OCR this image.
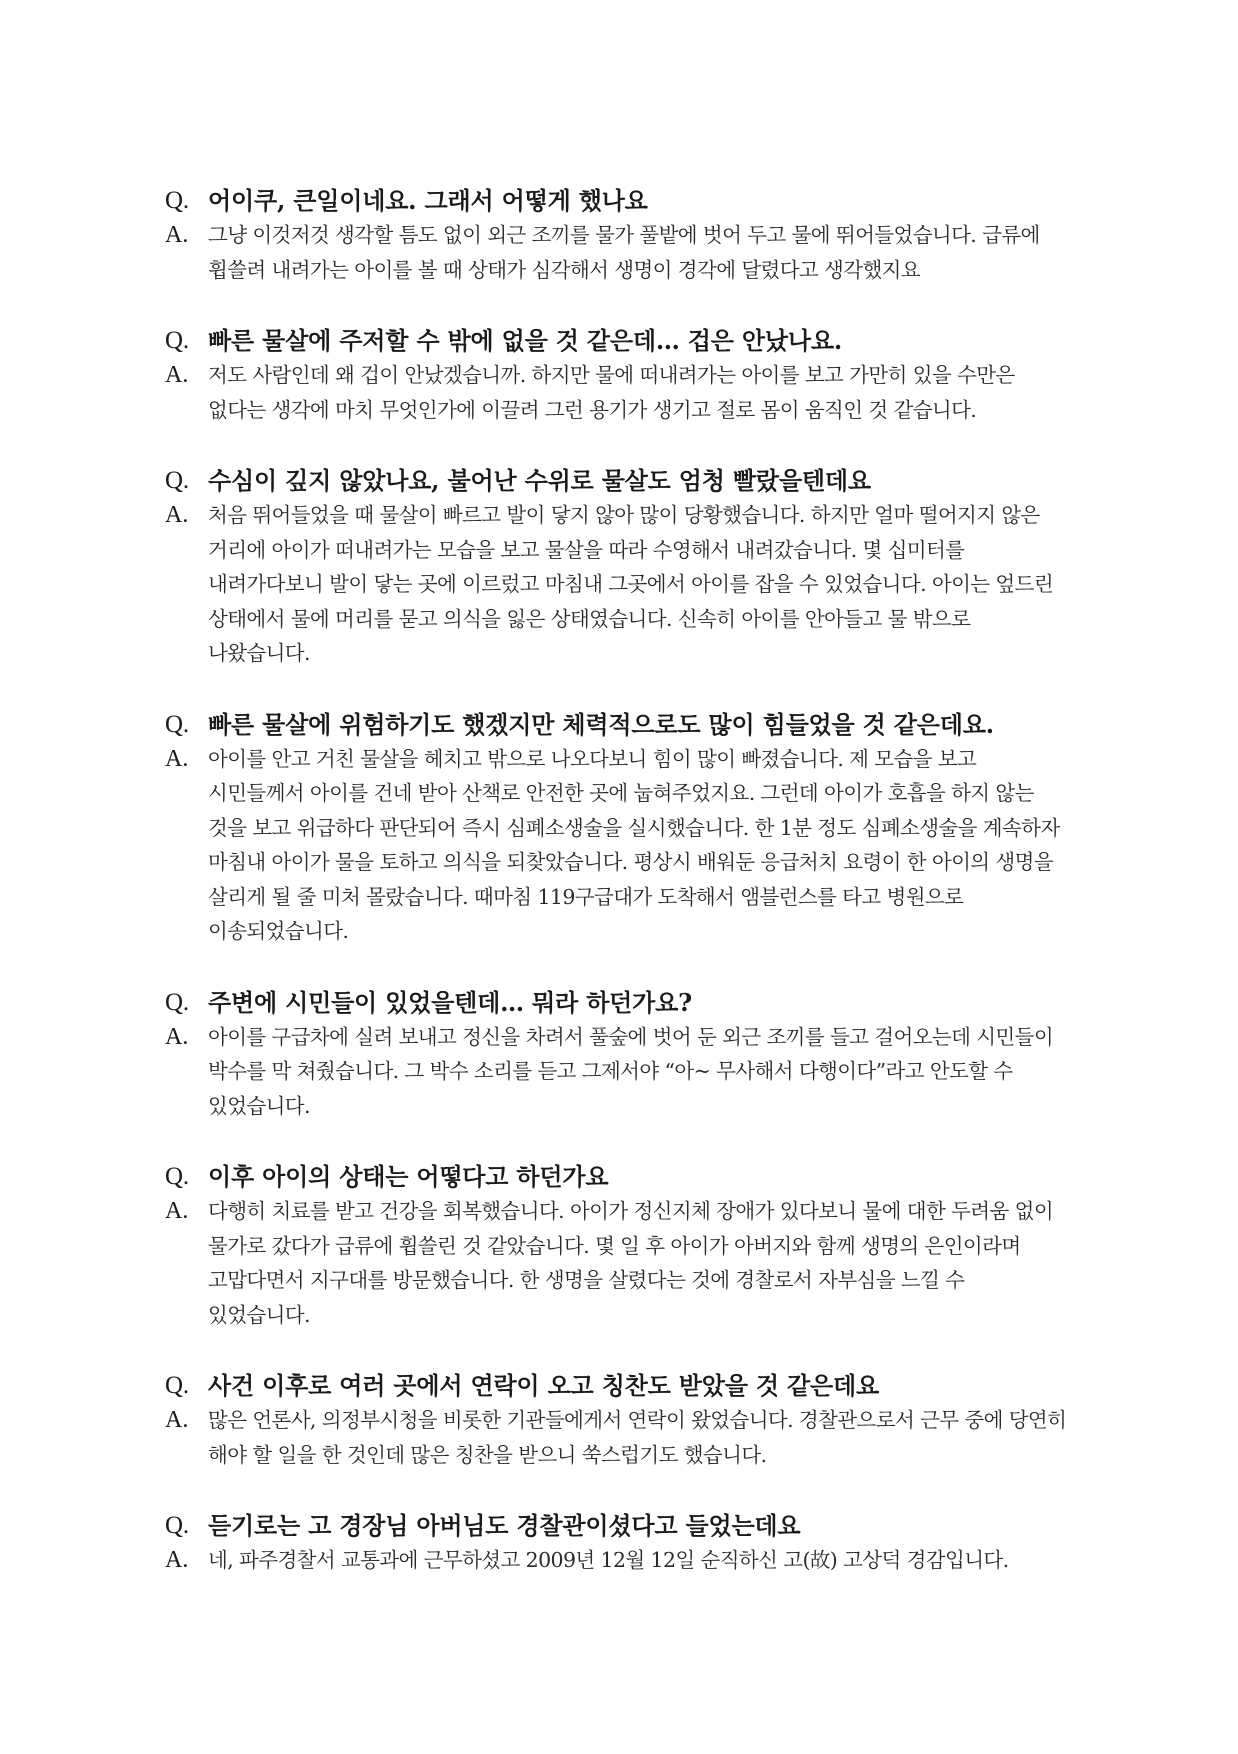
Q. 어이쿠, 큰일이네요. 그래서 어떻게 했나요
A. 그냥 이것저것 생각할 틈도 없이 외근 조끼를 물가 풀밭에 벗어 두고 물에 뛰어들었습니다. 급류에 휩쓸려 내려가는 아이를 볼 때 상태가 심각해서 생명이 경각에 달렸다고 생각했지요
Q. 빠른 물살에 주저할 수 밖에 없을 것 같은데… 겁은 안났나요.
A. 저도 사람인데 왜 겁이 안났겠습니까. 하지만 물에 떠내려가는 아이를 보고 가만히 있을 수만은 없다는 생각에 마치 무엇인가에 이끌려 그런 용기가 생기고 절로 몸이 움직인 것 같습니다.
Q. 수심이 깊지 않았나요, 불어난 수위로 물살도 엄청 빨랐을텐데요
A. 처음 뛰어들었을 때 물살이 빠르고 발이 닿지 않아 많이 당황했습니다. 하지만 얼마 떨어지지 않은 거리에 아이가 떠내려가는 모습을 보고 물살을 따라 수영해서 내려갔습니다. 몇 십미터를 내려가다보니 발이 닿는 곳에 이르렀고 마침내 그곳에서 아이를 잡을 수 있었습니다. 아이는 엎드린 상태에서 물에 머리를 묻고 의식을 잃은 상태였습니다. 신속히 아이를 안아들고 물 밖으로 나왔습니다.
Q. 빠른 물살에 위험하기도 했겠지만 체력적으로도 많이 힘들었을 것 같은데요.
A. 아이를 안고 거친 물살을 헤치고 밖으로 나오다보니 힘이 많이 빠졌습니다. 제 모습을 보고 시민들께서 아이를 건네 받아 산책로 안전한 곳에 눕혀주었지요. 그런데 아이가 호흡을 하지 않는 것을 보고 위급하다 판단되어 즉시 심폐소생술을 실시했습니다. 한 1분 정도 심폐소생술을 계속하자 마침내 아이가 물을 토하고 의식을 되찾았습니다. 평상시 배워둔 응급처치 요령이 한 아이의 생명을 살리게 될 줄 미처 몰랐습니다. 때마침 119구급대가 도착해서 앰블런스를 타고 병원으로 이송되었습니다.
Q. 주변에 시민들이 있었을텐데… 뭐라 하던가요?
A. 아이를 구급차에 실려 보내고 정신을 차려서 풀숲에 벗어 둔 외근 조끼를 들고 걸어오는데 시민들이 박수를 막 쳐줬습니다. 그 박수 소리를 듣고 그제서야 “아~ 무사해서 다행이다”라고 안도할 수 있었습니다.
Q. 이후 아이의 상태는 어떻다고 하던가요
A. 다행히 치료를 받고 건강을 회복했습니다. 아이가 정신지체 장애가 있다보니 물에 대한 두려움 없이 물가로 갔다가 급류에 휩쓸린 것 같았습니다. 몇 일 후 아이가 아버지와 함께 생명의 은인이라며 고맙다면서 지구대를 방문했습니다. 한 생명을 살렸다는 것에 경찰로서 자부심을 느낄 수 있었습니다.
Q. 사건 이후로 여러 곳에서 연락이 오고 칭찬도 받았을 것 같은데요
A. 많은 언론사, 의정부시청을 비롯한 기관들에게서 연락이 왔었습니다. 경찰관으로서 근무 중에 당연히 해야 할 일을 한 것인데 많은 칭찬을 받으니 쑥스럽기도 했습니다.
Q. 듣기로는 고 경장님 아버님도 경찰관이셨다고 들었는데요
A. 네, 파주경찰서 교통과에 근무하셨고 2009년 12월 12일 순직하신 고(故) 고상덕 경감입니다.
